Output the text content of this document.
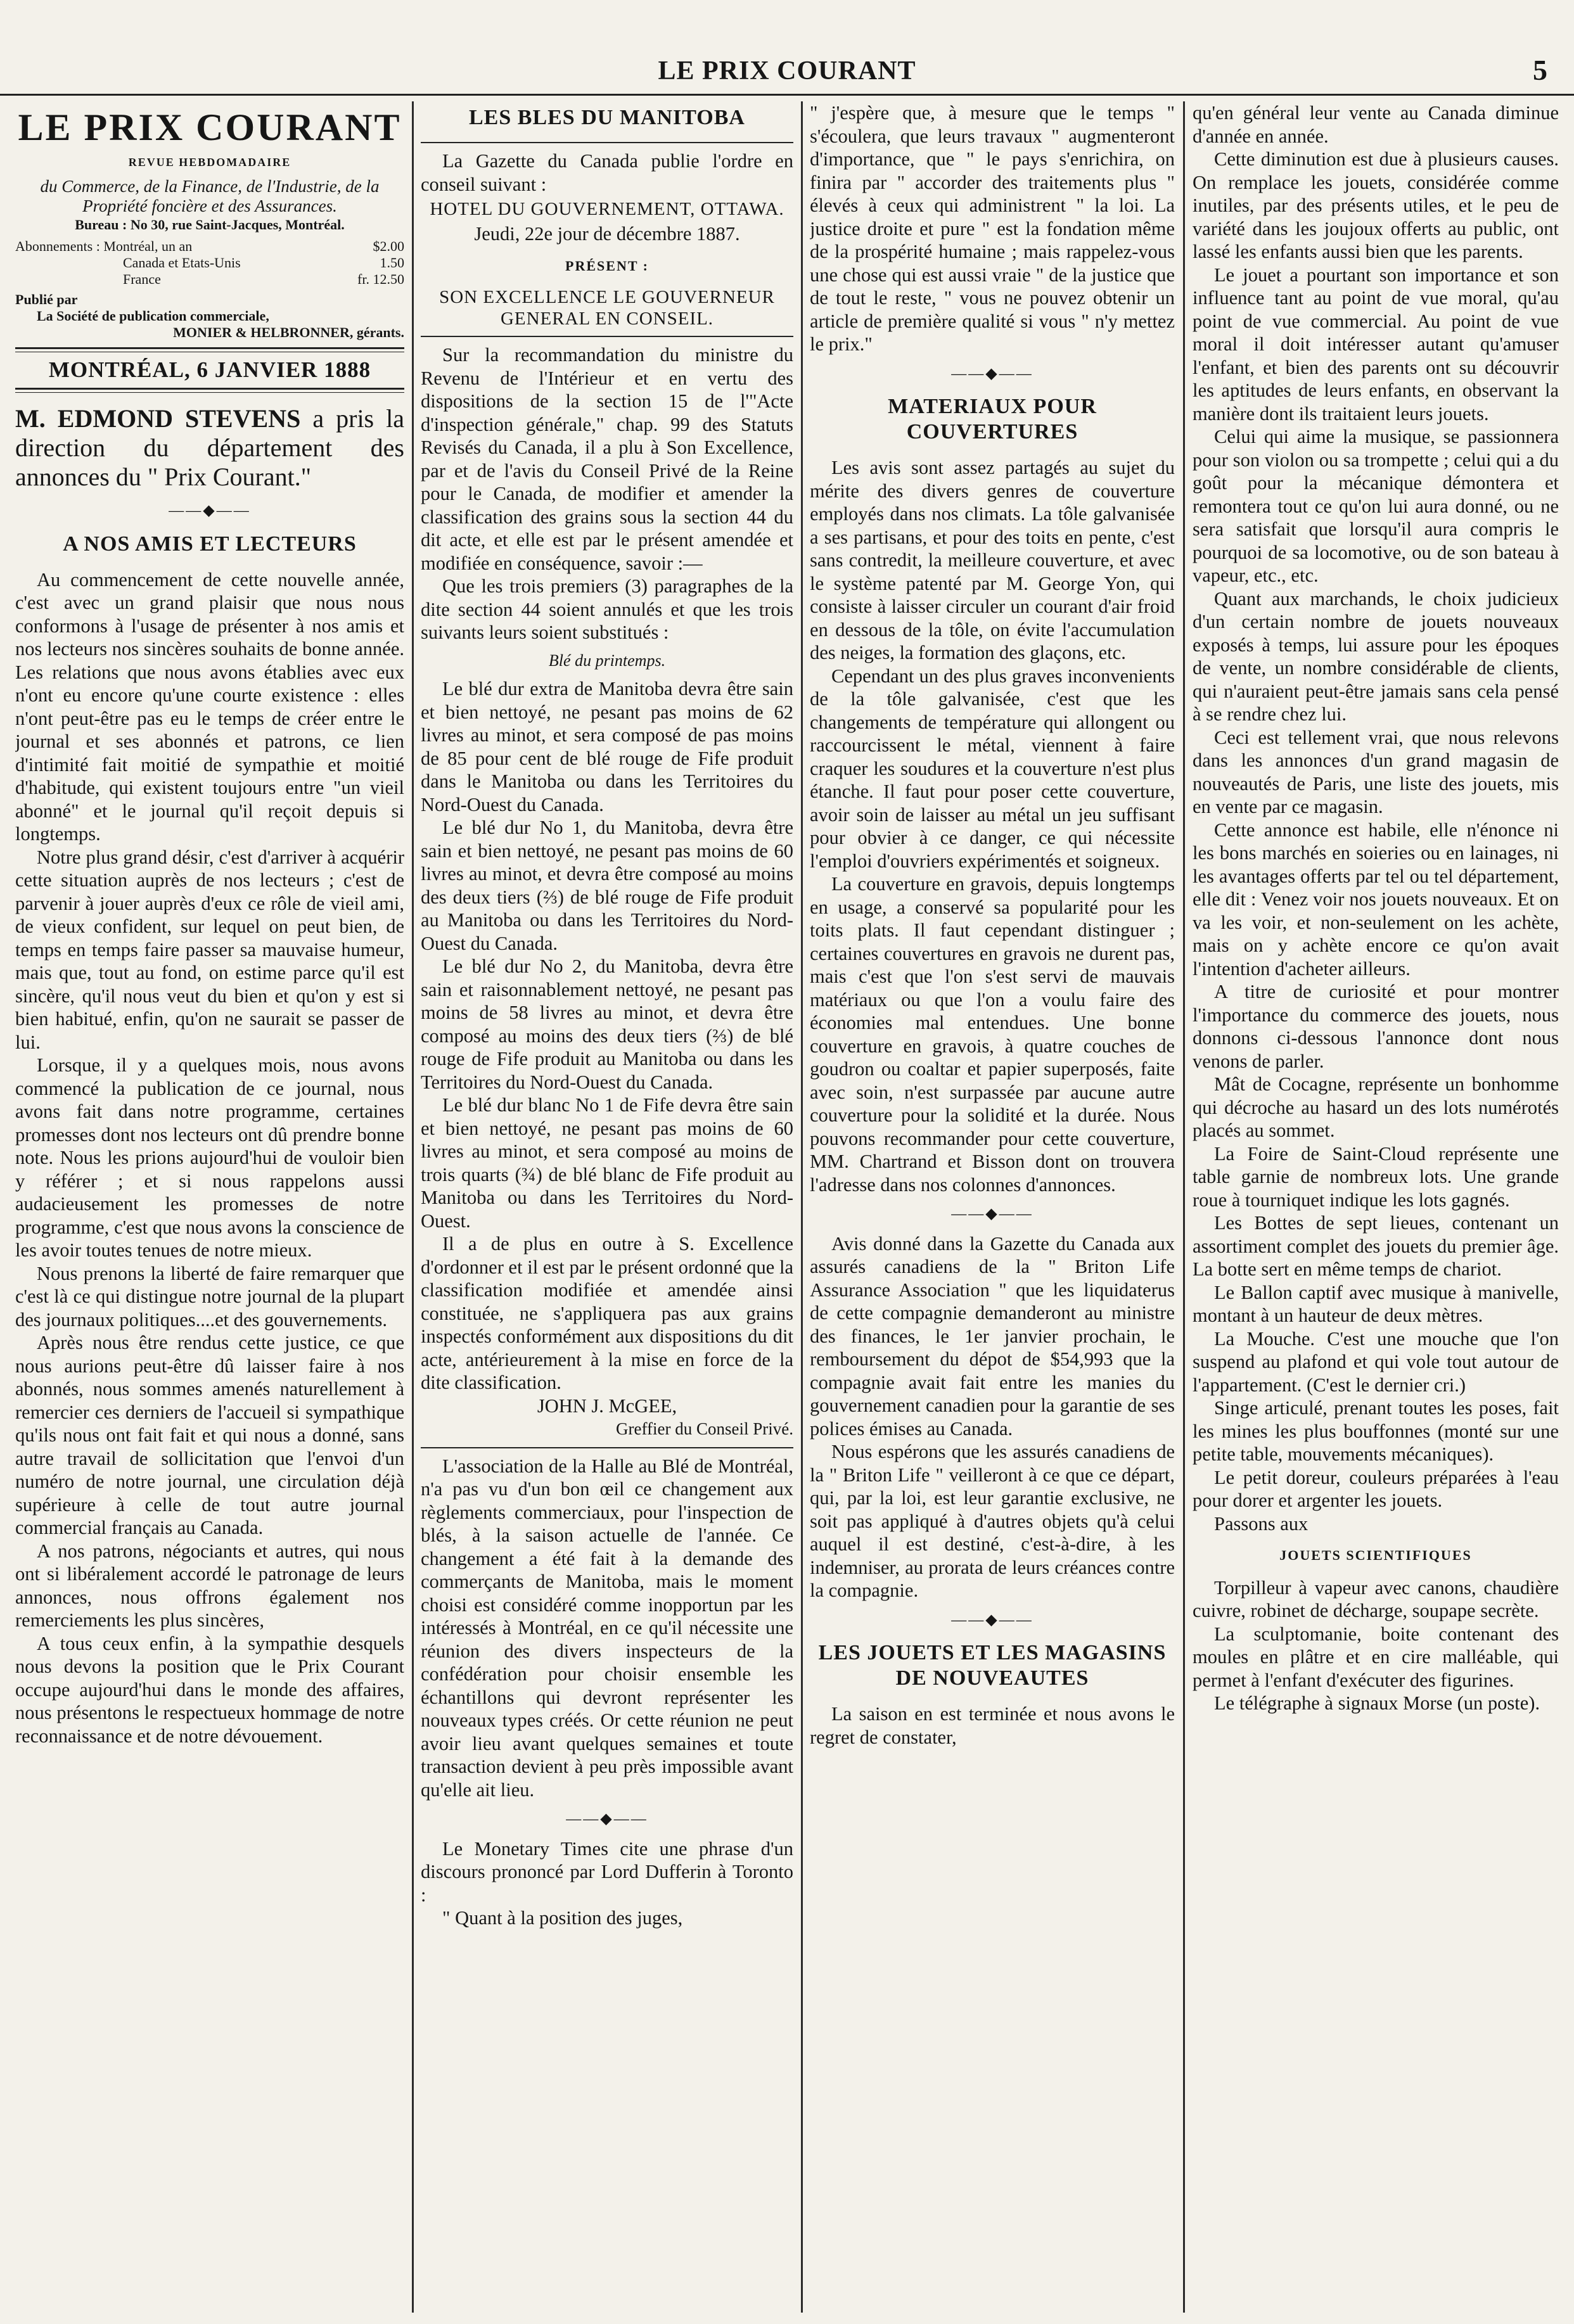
LE PRIX COURANT	5
LE PRIX COURANT
REVUE HEBDOMADAIRE
du Commerce, de la Finance, de l'Industrie, de la Propriété foncière et des Assurances.
Bureau : No 30, rue Saint-Jacques, Montréal.
Abonnements : Montréal, un an	$2.00
Canada et Etats-Unis	1.50
France	fr. 12.50
Publié par
La Société de publication commerciale,
MONIER & HELBRONNER, gérants.
MONTRÉAL, 6 JANVIER 1888

M. EDMOND STEVENS a pris la direction du département des annonces du " Prix Courant."

——◆——
A NOS AMIS ET LECTEURS

Au commencement de cette nouvelle année, c'est avec un grand plaisir que nous nous conformons à l'usage de présenter à nos amis et nos lecteurs nos sincères souhaits de bonne année. Les relations que nous avons établies avec eux n'ont eu encore qu'une courte existence : elles n'ont peut-être pas eu le temps de créer entre le journal et ses abonnés et patrons, ce lien d'intimité fait moitié de sympathie et moitié d'habitude, qui existent toujours entre "un vieil abonné" et le journal qu'il reçoit depuis si longtemps.

Notre plus grand désir, c'est d'arriver à acquérir cette situation auprès de nos lecteurs ; c'est de parvenir à jouer auprès d'eux ce rôle de vieil ami, de vieux confident, sur lequel on peut bien, de temps en temps faire passer sa mauvaise humeur, mais que, tout au fond, on estime parce qu'il est sincère, qu'il nous veut du bien et qu'on y est si bien habitué, enfin, qu'on ne saurait se passer de lui.

Lorsque, il y a quelques mois, nous avons commencé la publication de ce journal, nous avons fait dans notre programme, certaines promesses dont nos lecteurs ont dû prendre bonne note. Nous les prions aujourd'hui de vouloir bien y référer ; et si nous rappelons aussi audacieusement les promesses de notre programme, c'est que nous avons la conscience de les avoir toutes tenues de notre mieux.

Nous prenons la liberté de faire remarquer que c'est là ce qui distingue notre journal de la plupart des journaux politiques....et des gouvernements.

Après nous être rendus cette justice, ce que nous aurions peut-être dû laisser faire à nos abonnés, nous sommes amenés naturellement à remercier ces derniers de l'accueil si sympathique qu'ils nous ont fait fait et qui nous a donné, sans autre travail de sollicitation que l'envoi d'un numéro de notre journal, une circulation déjà supérieure à celle de tout autre journal commercial français au Canada.

A nos patrons, négociants et autres, qui nous ont si libéralement accordé le patronage de leurs annonces, nous offrons également nos remerciements les plus sincères,

A tous ceux enfin, à la sympathie desquels nous devons la position que le Prix Courant occupe aujourd'hui dans le monde des affaires, nous présentons le respectueux hommage de notre reconnaissance et de notre dévouement.

LES BLES DU MANITOBA

La Gazette du Canada publie l'ordre en conseil suivant :

HOTEL DU GOUVERNEMENT, OTTAWA.

Jeudi, 22e jour de décembre 1887.

PRÉSENT :
SON EXCELLENCE LE GOUVERNEUR GENERAL EN CONSEIL.

Sur la recommandation du ministre du Revenu de l'Intérieur et en vertu des dispositions de la section 15 de l'"Acte d'inspection générale," chap. 99 des Statuts Revisés du Canada, il a plu à Son Excellence, par et de l'avis du Conseil Privé de la Reine pour le Canada, de modifier et amender la classification des grains sous la section 44 du dit acte, et elle est par le présent amendée et modifiée en conséquence, savoir :—

Que les trois premiers (3) paragraphes de la dite section 44 soient annulés et que les trois suivants leurs soient substitués :

Blé du printemps.

Le blé dur extra de Manitoba devra être sain et bien nettoyé, ne pesant pas moins de 62 livres au minot, et sera composé de pas moins de 85 pour cent de blé rouge de Fife produit dans le Manitoba ou dans les Territoires du Nord-Ouest du Canada.

Le blé dur No 1, du Manitoba, devra être sain et bien nettoyé, ne pesant pas moins de 60 livres au minot, et devra être composé au moins des deux tiers (⅔) de blé rouge de Fife produit au Manitoba ou dans les Territoires du Nord-Ouest du Canada.

Le blé dur No 2, du Manitoba, devra être sain et raisonnablement nettoyé, ne pesant pas moins de 58 livres au minot, et devra être composé au moins des deux tiers (⅔) de blé rouge de Fife produit au Manitoba ou dans les Territoires du Nord-Ouest du Canada.

Le blé dur blanc No 1 de Fife devra être sain et bien nettoyé, ne pesant pas moins de 60 livres au minot, et sera composé au moins de trois quarts (¾) de blé blanc de Fife produit au Manitoba ou dans les Territoires du Nord-Ouest.

Il a de plus en outre à S. Excellence d'ordonner et il est par le présent ordonné que la classification modifiée et amendée ainsi constituée, ne s'appliquera pas aux grains inspectés conformément aux dispositions du dit acte, antérieurement à la mise en force de la dite classification.

JOHN J. McGEE,

Greffier du Conseil Privé.

L'association de la Halle au Blé de Montréal, n'a pas vu d'un bon œil ce changement aux règlements commerciaux, pour l'inspection de blés, à la saison actuelle de l'année. Ce changement a été fait à la demande des commerçants de Manitoba, mais le moment choisi est considéré comme inopportun par les intéressés à Montréal, en ce qu'il nécessite une réunion des divers inspecteurs de la confédération pour choisir ensemble les échantillons qui devront représenter les nouveaux types créés. Or cette réunion ne peut avoir lieu avant quelques semaines et toute transaction devient à peu près impossible avant qu'elle ait lieu.

——◆——

Le Monetary Times cite une phrase d'un discours prononcé par Lord Dufferin à Toronto :

" Quant à la position des juges,

" j'espère que, à mesure que le temps " s'écoulera, que leurs travaux " augmenteront d'importance, que " le pays s'enrichira, on finira par " accorder des traitements plus " élevés à ceux qui administrent " la loi. La justice droite et pure " est la fondation même de la prospérité humaine ; mais rappelez-vous une chose qui est aussi vraie " de la justice que de tout le reste, " vous ne pouvez obtenir un article de première qualité si vous " n'y mettez le prix."

——◆——
MATERIAUX POUR COUVERTURES

Les avis sont assez partagés au sujet du mérite des divers genres de couverture employés dans nos climats. La tôle galvanisée a ses partisans, et pour des toits en pente, c'est sans contredit, la meilleure couverture, et avec le système patenté par M. George Yon, qui consiste à laisser circuler un courant d'air froid en dessous de la tôle, on évite l'accumulation des neiges, la formation des glaçons, etc.

Cependant un des plus graves inconvenients de la tôle galvanisée, c'est que les changements de température qui allongent ou raccourcissent le métal, viennent à faire craquer les soudures et la couverture n'est plus étanche. Il faut pour poser cette couverture, avoir soin de laisser au métal un jeu suffisant pour obvier à ce danger, ce qui nécessite l'emploi d'ouvriers expérimentés et soigneux.

La couverture en gravois, depuis longtemps en usage, a conservé sa popularité pour les toits plats. Il faut cependant distinguer ; certaines couvertures en gravois ne durent pas, mais c'est que l'on s'est servi de mauvais matériaux ou que l'on a voulu faire des économies mal entendues. Une bonne couverture en gravois, à quatre couches de goudron ou coaltar et papier superposés, faite avec soin, n'est surpassée par aucune autre couverture pour la solidité et la durée. Nous pouvons recommander pour cette couverture, MM. Chartrand et Bisson dont on trouvera l'adresse dans nos colonnes d'annonces.

——◆——

Avis donné dans la Gazette du Canada aux assurés canadiens de la " Briton Life Assurance Association " que les liquidaterus de cette compagnie demanderont au ministre des finances, le 1er janvier prochain, le remboursement du dépot de $54,993 que la compagnie avait fait entre les manies du gouvernement canadien pour la garantie de ses polices émises au Canada.

Nous espérons que les assurés canadiens de la " Briton Life " veilleront à ce que ce départ, qui, par la loi, est leur garantie exclusive, ne soit pas appliqué à d'autres objets qu'à celui auquel il est destiné, c'est-à-dire, à les indemniser, au prorata de leurs créances contre la compagnie.

——◆——
LES JOUETS ET LES MAGASINS DE NOUVEAUTES

La saison en est terminée et nous avons le regret de constater,

qu'en général leur vente au Canada diminue d'année en année.

Cette diminution est due à plusieurs causes. On remplace les jouets, considérée comme inutiles, par des présents utiles, et le peu de variété dans les joujoux offerts au public, ont lassé les enfants aussi bien que les parents.

Le jouet a pourtant son importance et son influence tant au point de vue moral, qu'au point de vue commercial. Au point de vue moral il doit intéresser autant qu'amuser l'enfant, et bien des parents ont su découvrir les aptitudes de leurs enfants, en observant la manière dont ils traitaient leurs jouets.

Celui qui aime la musique, se passionnera pour son violon ou sa trompette ; celui qui a du goût pour la mécanique démontera et remontera tout ce qu'on lui aura donné, ou ne sera satisfait que lorsqu'il aura compris le pourquoi de sa locomotive, ou de son bateau à vapeur, etc., etc.

Quant aux marchands, le choix judicieux d'un certain nombre de jouets nouveaux exposés à temps, lui assure pour les époques de vente, un nombre considérable de clients, qui n'auraient peut-être jamais sans cela pensé à se rendre chez lui.

Ceci est tellement vrai, que nous relevons dans les annonces d'un grand magasin de nouveautés de Paris, une liste des jouets, mis en vente par ce magasin.

Cette annonce est habile, elle n'énonce ni les bons marchés en soieries ou en lainages, ni les avantages offerts par tel ou tel département, elle dit : Venez voir nos jouets nouveaux. Et on va les voir, et non-seulement on les achète, mais on y achète encore ce qu'on avait l'intention d'acheter ailleurs.

A titre de curiosité et pour montrer l'importance du commerce des jouets, nous donnons ci-dessous l'annonce dont nous venons de parler.

Mât de Cocagne, représente un bonhomme qui décroche au hasard un des lots numérotés placés au sommet.

La Foire de Saint-Cloud représente une table garnie de nombreux lots. Une grande roue à tourniquet indique les lots gagnés.

Les Bottes de sept lieues, contenant un assortiment complet des jouets du premier âge. La botte sert en même temps de chariot.

Le Ballon captif avec musique à manivelle, montant à un hauteur de deux mètres.

La Mouche. C'est une mouche que l'on suspend au plafond et qui vole tout autour de l'appartement. (C'est le dernier cri.)

Singe articulé, prenant toutes les poses, fait les mines les plus bouffonnes (monté sur une petite table, mouvements mécaniques).

Le petit doreur, couleurs préparées à l'eau pour dorer et argenter les jouets.

Passons aux

JOUETS SCIENTIFIQUES

Torpilleur à vapeur avec canons, chaudière cuivre, robinet de décharge, soupape secrète.

La sculptomanie, boite contenant des moules en plâtre et en cire malléable, qui permet à l'enfant d'exécuter des figurines.

Le télégraphe à signaux Morse (un poste).
